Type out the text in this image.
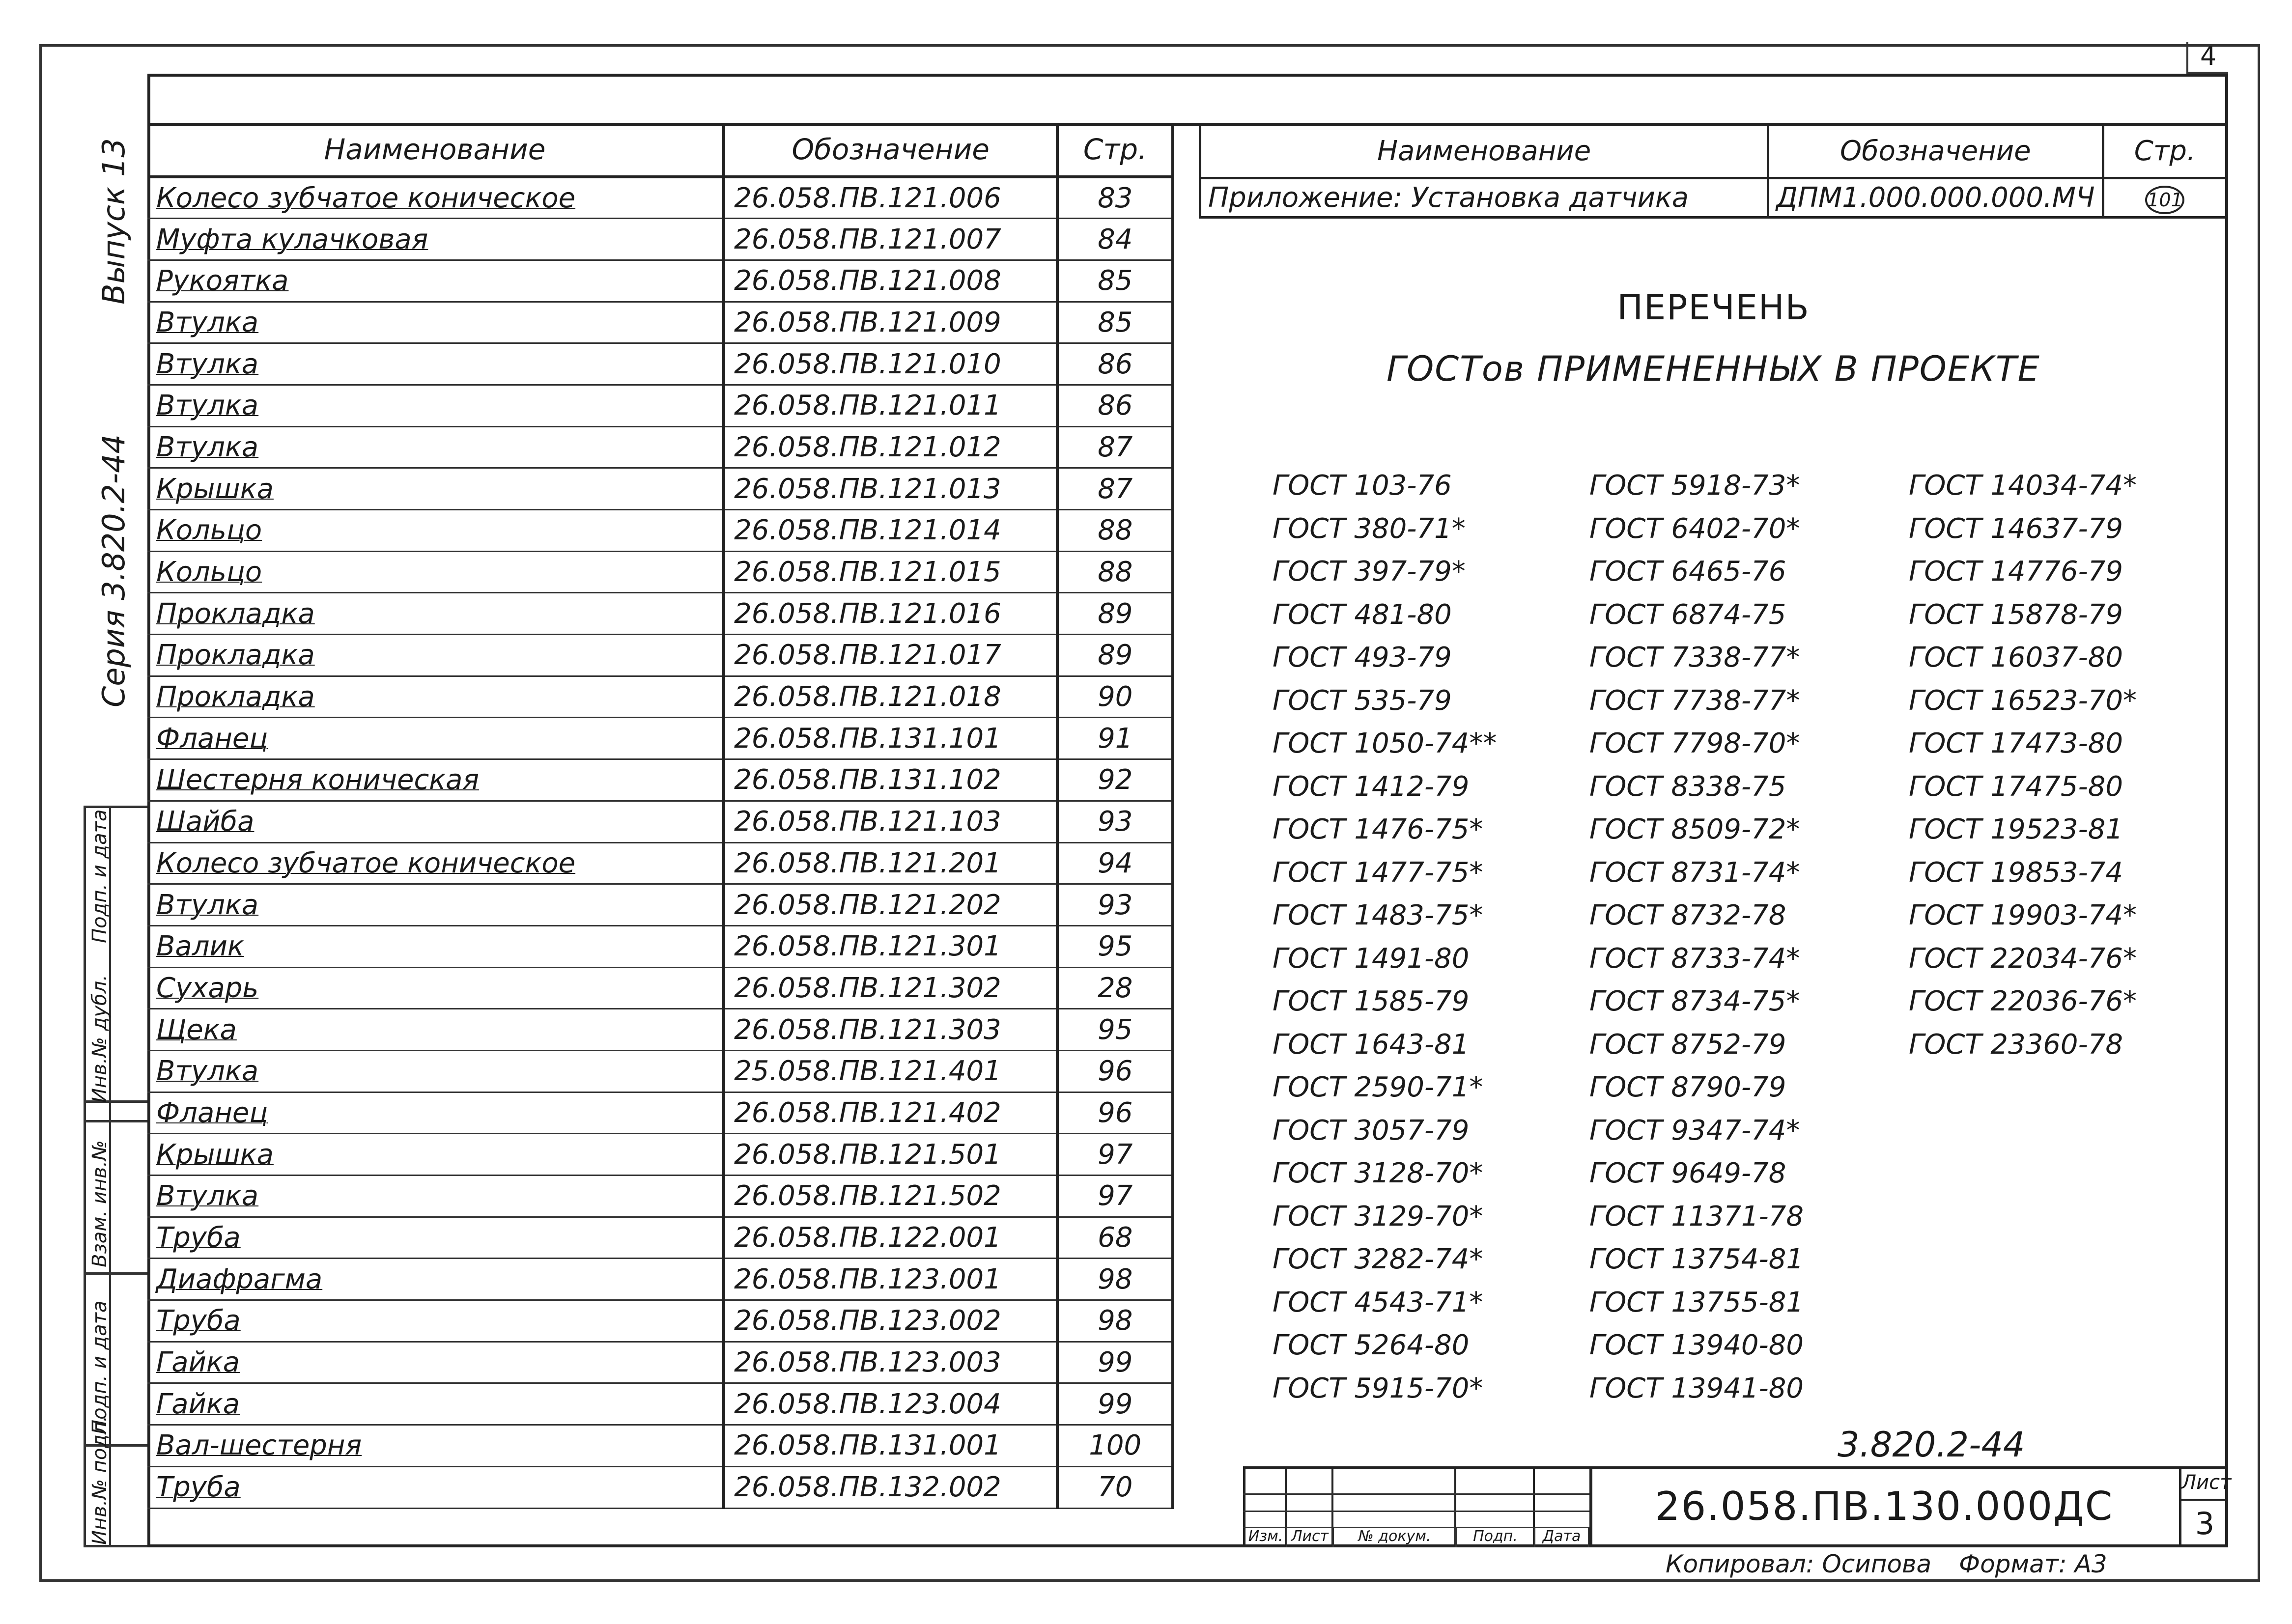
4
Выпуск 13
Серия 3.820.2-44
Подп. и дата
Инв.№ дубл.
Взам. инв.№
Подп. и дата
Инв.№ подл.
Наименование	Обозначение	Стр.
Колесо зубчатое коническое	26.058.ПВ.121.006	83
Муфта кулачковая	26.058.ПВ.121.007	84
Рукоятка	26.058.ПВ.121.008	85
Втулка	26.058.ПВ.121.009	85
Втулка	26.058.ПВ.121.010	86
Втулка	26.058.ПВ.121.011	86
Втулка	26.058.ПВ.121.012	87
Крышка	26.058.ПВ.121.013	87
Кольцо	26.058.ПВ.121.014	88
Кольцо	26.058.ПВ.121.015	88
Прокладка	26.058.ПВ.121.016	89
Прокладка	26.058.ПВ.121.017	89
Прокладка	26.058.ПВ.121.018	90
Фланец	26.058.ПВ.131.101	91
Шестерня коническая	26.058.ПВ.131.102	92
Шайба	26.058.ПВ.121.103	93
Колесо зубчатое коническое	26.058.ПВ.121.201	94
Втулка	26.058.ПВ.121.202	93
Валик	26.058.ПВ.121.301	95
Сухарь	26.058.ПВ.121.302	28
Щека	26.058.ПВ.121.303	95
Втулка	25.058.ПВ.121.401	96
Фланец	26.058.ПВ.121.402	96
Крышка	26.058.ПВ.121.501	97
Втулка	26.058.ПВ.121.502	97
Труба	26.058.ПВ.122.001	68
Диафрагма	26.058.ПВ.123.001	98
Труба	26.058.ПВ.123.002	98
Гайка	26.058.ПВ.123.003	99
Гайка	26.058.ПВ.123.004	99
Вал-шестерня	26.058.ПВ.131.001	100
Труба	26.058.ПВ.132.002	70
Наименование	Обозначение	Стр.
Приложение: Установка датчика	ДПМ1.000.000.000.МЧ	101
ПЕРЕЧЕНЬ
ГОСТов ПРИМЕНЕННЫХ В ПРОЕКТЕ
ГОСТ 103-76
ГОСТ 380-71*
ГОСТ 397-79*
ГОСТ 481-80
ГОСТ 493-79
ГОСТ 535-79
ГОСТ 1050-74**
ГОСТ 1412-79
ГОСТ 1476-75*
ГОСТ 1477-75*
ГОСТ 1483-75*
ГОСТ 1491-80
ГОСТ 1585-79
ГОСТ 1643-81
ГОСТ 2590-71*
ГОСТ 3057-79
ГОСТ 3128-70*
ГОСТ 3129-70*
ГОСТ 3282-74*
ГОСТ 4543-71*
ГОСТ 5264-80
ГОСТ 5915-70*
ГОСТ 5918-73*
ГОСТ 6402-70*
ГОСТ 6465-76
ГОСТ 6874-75
ГОСТ 7338-77*
ГОСТ 7738-77*
ГОСТ 7798-70*
ГОСТ 8338-75
ГОСТ 8509-72*
ГОСТ 8731-74*
ГОСТ 8732-78
ГОСТ 8733-74*
ГОСТ 8734-75*
ГОСТ 8752-79
ГОСТ 8790-79
ГОСТ 9347-74*
ГОСТ 9649-78
ГОСТ 11371-78
ГОСТ 13754-81
ГОСТ 13755-81
ГОСТ 13940-80
ГОСТ 13941-80
ГОСТ 14034-74*
ГОСТ 14637-79
ГОСТ 14776-79
ГОСТ 15878-79
ГОСТ 16037-80
ГОСТ 16523-70*
ГОСТ 17473-80
ГОСТ 17475-80
ГОСТ 19523-81
ГОСТ 19853-74
ГОСТ 19903-74*
ГОСТ 22034-76*
ГОСТ 22036-76*
ГОСТ 23360-78
3.820.2-44
Изм. Лист	№ докум.	Подп.	Дата
26.058.ПВ.130.000ДС
Лист
3
Копировал: Осипова Формат: А3
